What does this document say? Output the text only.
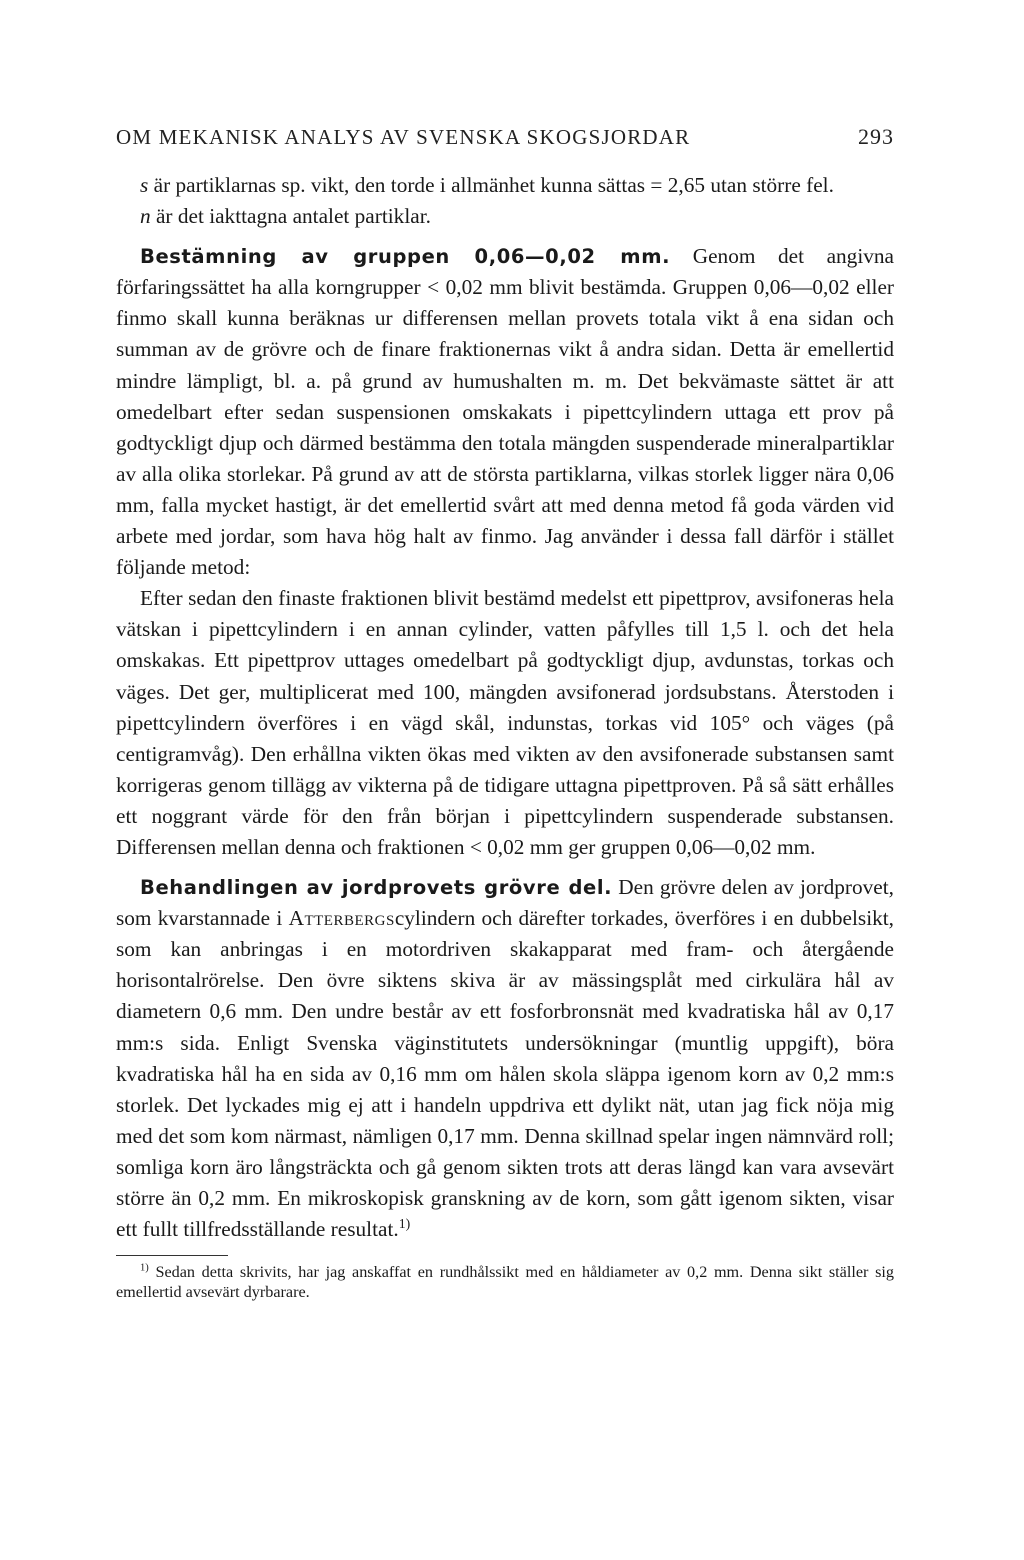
OM MEKANISK ANALYS AV SVENSKA SKOGSJORDAR	293

s är partiklarnas sp. vikt, den torde i allmänhet kunna sättas = 2,65 utan större fel.

n är det iakttagna antalet partiklar.

Bestämning av gruppen 0,06—0,02 mm. Genom det angivna förfaringssättet ha alla korngrupper < 0,02 mm blivit bestämda. Gruppen 0,06—0,02 eller finmo skall kunna beräknas ur differensen mellan provets totala vikt å ena sidan och summan av de grövre och de finare fraktionernas vikt å andra sidan. Detta är emellertid mindre lämpligt, bl. a. på grund av humushalten m. m. Det bekvämaste sättet är att omedelbart efter sedan suspensionen omskakats i pipettcylindern uttaga ett prov på godtyckligt djup och därmed bestämma den totala mängden suspenderade mineralpartiklar av alla olika storlekar. På grund av att de största partiklarna, vilkas storlek ligger nära 0,06 mm, falla mycket hastigt, är det emellertid svårt att med denna metod få goda värden vid arbete med jordar, som hava hög halt av finmo. Jag använder i dessa fall därför i stället följande metod:

Efter sedan den finaste fraktionen blivit bestämd medelst ett pipettprov, avsifoneras hela vätskan i pipettcylindern i en annan cylinder, vatten påfylles till 1,5 l. och det hela omskakas. Ett pipettprov uttages omedelbart på godtyckligt djup, avdunstas, torkas och väges. Det ger, multiplicerat med 100, mängden avsifonerad jordsubstans. Återstoden i pipettcylindern överföres i en vägd skål, indunstas, torkas vid 105° och väges (på centigramvåg). Den erhållna vikten ökas med vikten av den avsifonerade substansen samt korrigeras genom tillägg av vikterna på de tidigare uttagna pipettproven. På så sätt erhålles ett noggrant värde för den från början i pipettcylindern suspenderade substansen. Differensen mellan denna och fraktionen < 0,02 mm ger gruppen 0,06—0,02 mm.

Behandlingen av jordprovets grövre del. Den grövre delen av jordprovet, som kvarstannade i Atterbergscylindern och därefter torkades, överföres i en dubbelsikt, som kan anbringas i en motordriven skakapparat med fram- och återgående horisontalrörelse. Den övre siktens skiva är av mässingsplåt med cirkulära hål av diametern 0,6 mm. Den undre består av ett fosforbronsnät med kvadratiska hål av 0,17 mm:s sida. Enligt Svenska väginstitutets undersökningar (muntlig uppgift), böra kvadratiska hål ha en sida av 0,16 mm om hålen skola släppa igenom korn av 0,2 mm:s storlek. Det lyckades mig ej att i handeln uppdriva ett dylikt nät, utan jag fick nöja mig med det som kom närmast, nämligen 0,17 mm. Denna skillnad spelar ingen nämnvärd roll; somliga korn äro långsträckta och gå genom sikten trots att deras längd kan vara avsevärt större än 0,2 mm. En mikroskopisk granskning av de korn, som gått igenom sikten, visar ett fullt tillfredsställande resultat.$^{1)}$

$^{1)}$ Sedan detta skrivits, har jag anskaffat en rundhålssikt med en håldiameter av 0,2 mm. Denna sikt ställer sig emellertid avsevärt dyrbarare.
